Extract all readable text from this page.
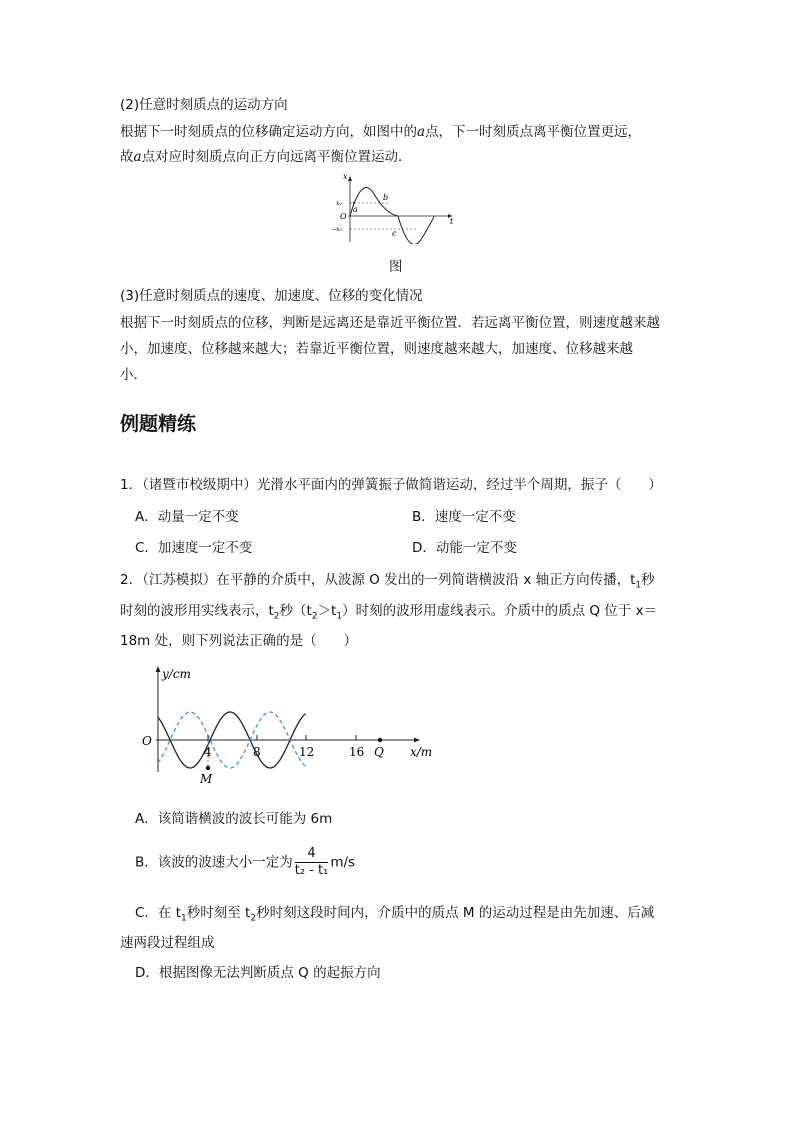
(2)任意时刻质点的运动方向
根据下一时刻质点的位移确定运动方向，如图中的a点，下一时刻质点离平衡位置更远，
故a点对应时刻质点向正方向远离平衡位置运动．
x
t
O
x₀
−x₀
a
b
c
图
(3)任意时刻质点的速度、加速度、位移的变化情况
根据下一时刻质点的位移，判断是远离还是靠近平衡位置．若远离平衡位置，则速度越来越
小，加速度、位移越来越大；若靠近平衡位置，则速度越来越大，加速度、位移越来越
小．
例题精练
1．（诸暨市校级期中）光滑水平面内的弹簧振子做简谐运动，经过半个周期，振子（　　）
A．动量一定不变	B．速度一定不变
C．加速度一定不变	D．动能一定不变
2．（江苏模拟）在平静的介质中，从波源 O 发出的一列简谐横波沿 x 轴正方向传播，$t_1$秒
时刻的波形用实线表示，$t_2$秒$(t_2>t_1)$时刻的波形用虚线表示。介质中的质点 Q 位于 x＝
18m 处，则下列说法正确的是（　　）
y/cm
x/m
O
4	8	12	16 Q
M
A．该简谐横波的波长可能为 6m
B．该波的波速大小一定为 $\frac{4}{\text{t₂ - t₁}} m/s$
C．在 $t_1$秒时刻至 $t_2$秒时刻这段时间内，介质中的质点 M 的运动过程是由先加速、后减
速两段过程组成
D．根据图像无法判断质点 Q 的起振方向
